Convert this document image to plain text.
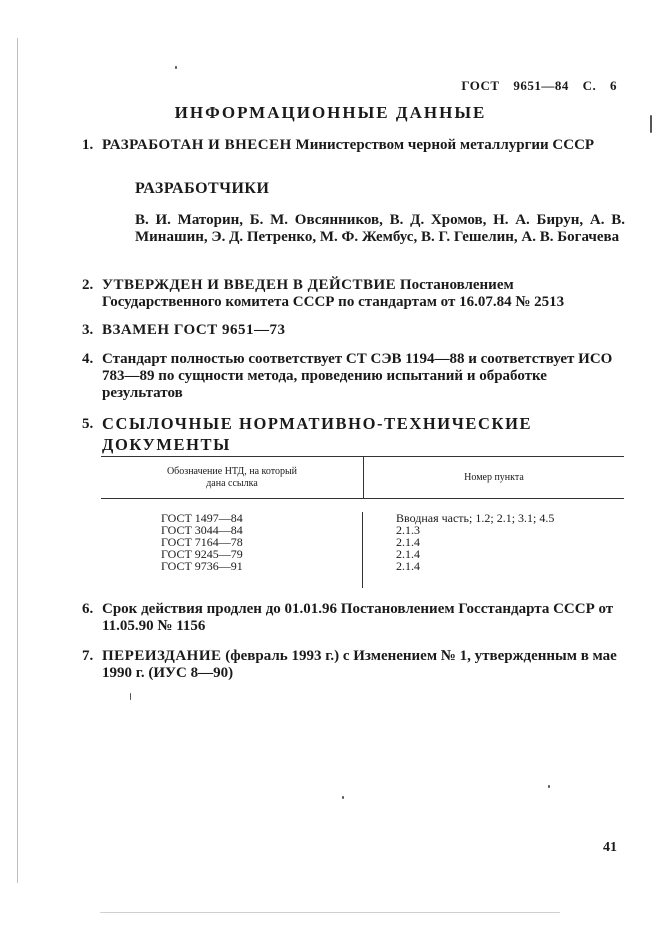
ГОСТ 9651—84 С. 6
ИНФОРМАЦИОННЫЕ ДАННЫЕ
1. РАЗРАБОТАН И ВНЕСЕН Министерством черной металлургии СССР
РАЗРАБОТЧИКИ
В. И. Маторин, Б. М. Овсянников, В. Д. Хромов, Н. А. Бирун, А. В. Минашин, Э. Д. Петренко, М. Ф. Жембус, В. Г. Гешелин, А. В. Богачева
2. УТВЕРЖДЕН И ВВЕДЕН В ДЕЙСТВИЕ Постановлением Государственного комитета СССР по стандартам от 16.07.84 № 2513
3. ВЗАМЕН ГОСТ 9651—73
4. Стандарт полностью соответствует СТ СЭВ 1194—88 и соответствует ИСО 783—89 по сущности метода, проведению испытаний и обработке результатов
5. ССЫЛОЧНЫЕ НОРМАТИВНО-ТЕХНИЧЕСКИЕ ДОКУМЕНТЫ
Обозначение НТД, на который дана ссылка
Номер пункта
ГОСТ 1497—84
ГОСТ 3044—84
ГОСТ 7164—78
ГОСТ 9245—79
ГОСТ 9736—91
Вводная часть; 1.2; 2.1; 3.1; 4.5
2.1.3
2.1.4
2.1.4
2.1.4
6. Срок действия продлен до 01.01.96 Постановлением Госстандарта СССР от 11.05.90 № 1156
7. ПЕРЕИЗДАНИЕ (февраль 1993 г.) с Изменением № 1, утвержденным в мае 1990 г. (ИУС 8—90)
41
